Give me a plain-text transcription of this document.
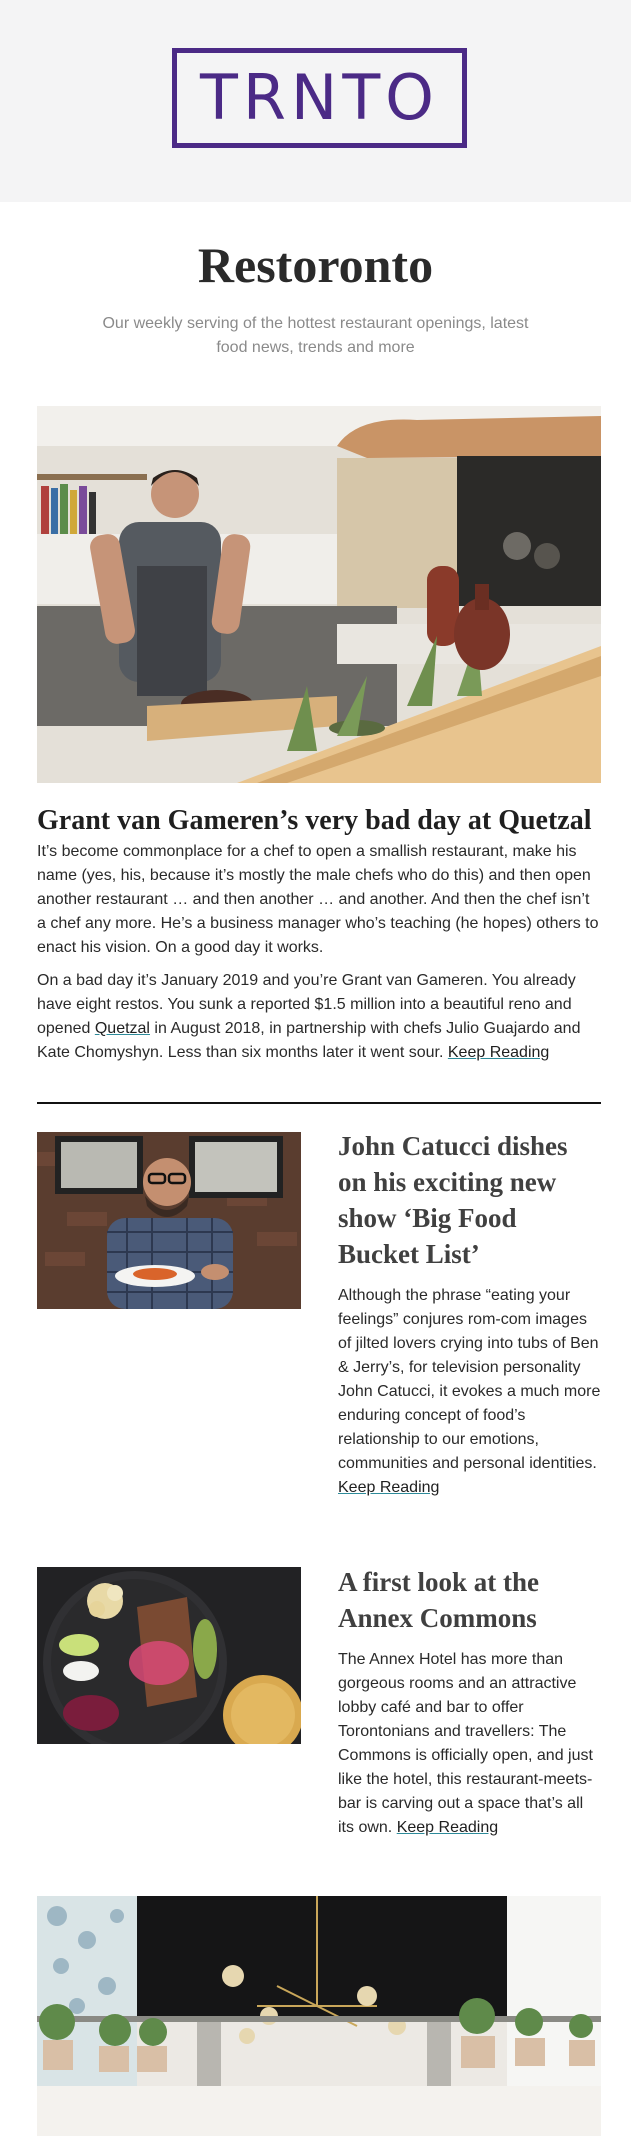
TRNTO
Restoronto

Our weekly serving of the hottest restaurant openings, latest food news, trends and more

Grant van Gameren’s very bad day at Quetzal

It’s become commonplace for a chef to open a smallish restaurant, make his name (yes, his, because it’s mostly the male chefs who do this) and then open another restaurant … and then another … and another. And then the chef isn’t a chef any more. He’s a business manager who’s teaching (he hopes) others to enact his vision. On a good day it works.

On a bad day it’s January 2019 and you’re Grant van Gameren. You already have eight restos. You sunk a reported $1.5 million into a beautiful reno and opened Quetzal in August 2018, in partnership with chefs Julio Guajardo and Kate Chomyshyn. Less than six months later it went sour. Keep Reading

John Catucci dishes on his exciting new show ‘Big Food Bucket List’

Although the phrase “eating your feelings” conjures rom-com images of jilted lovers crying into tubs of Ben & Jerry’s, for television personality John Catucci, it evokes a much more enduring concept of food’s relationship to our emotions, communities and personal identities. Keep Reading

A first look at the Annex Commons

The Annex Hotel has more than gorgeous rooms and an attractive lobby café and bar to offer Torontonians and travellers: The Commons is officially open, and just like the hotel, this restaurant-meets-bar is carving out a space that’s all its own. Keep Reading
